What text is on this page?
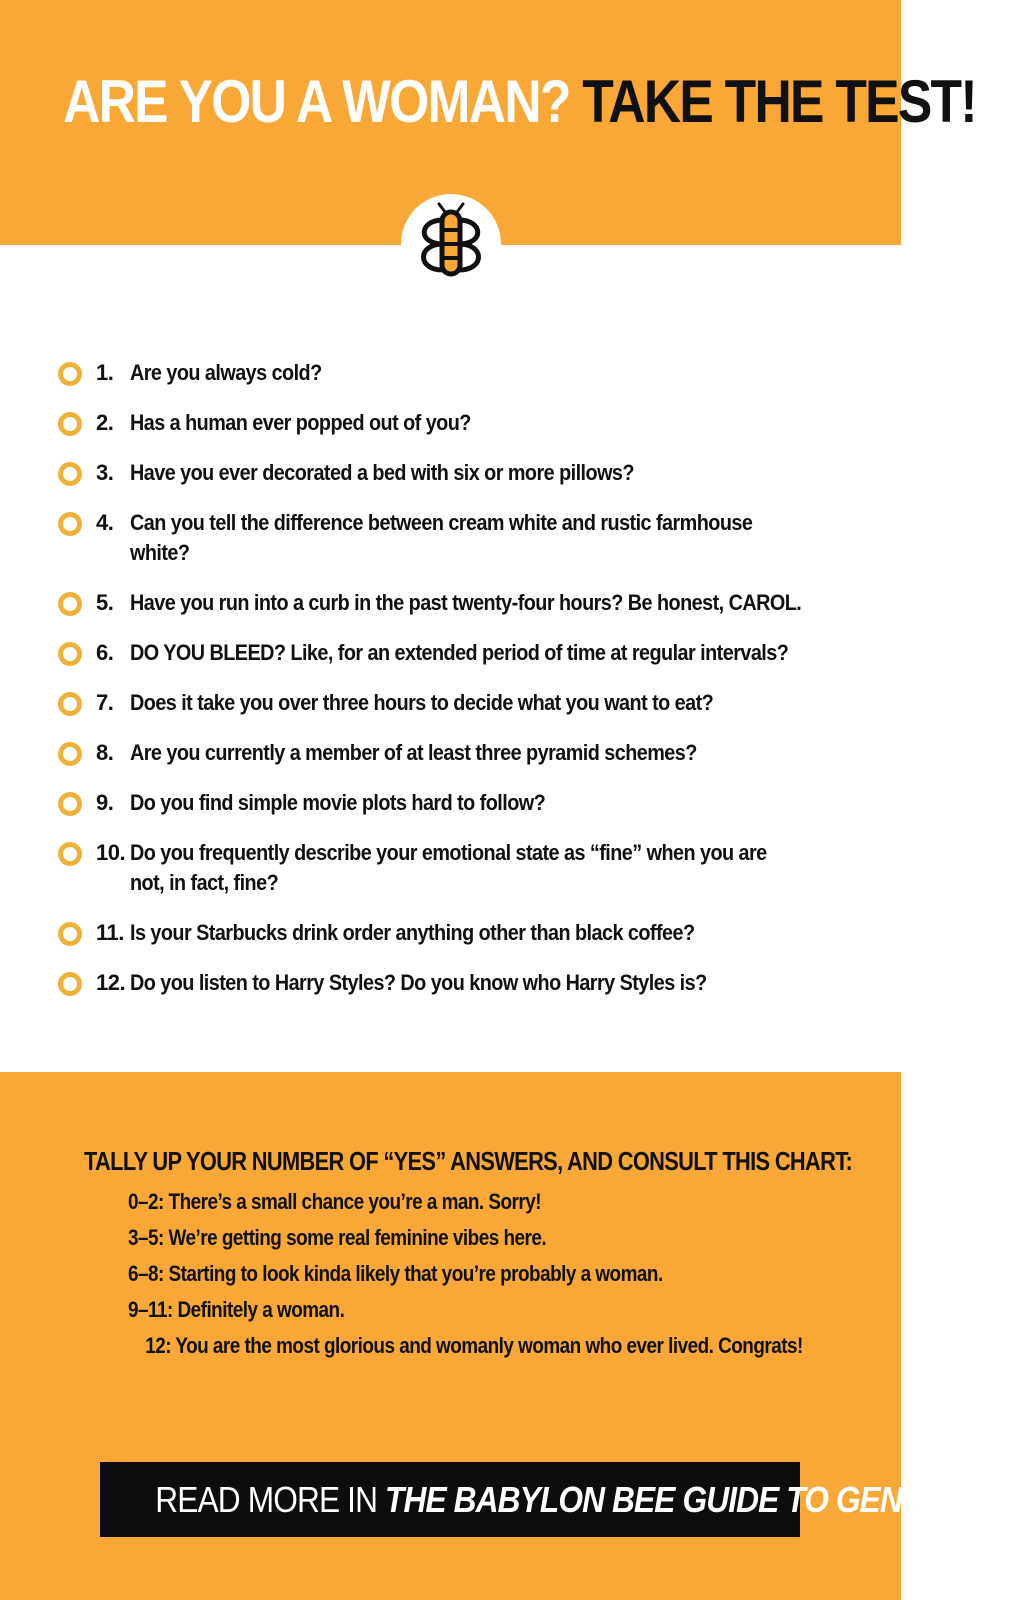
ARE YOU A WOMAN? TAKE THE TEST!
1. Are you always cold?
2. Has a human ever popped out of you?
3. Have you ever decorated a bed with six or more pillows?
4. Can you tell the difference between cream white and rustic farmhouse white?
5. Have you run into a curb in the past twenty-four hours? Be honest, CAROL.
6. DO YOU BLEED? Like, for an extended period of time at regular intervals?
7. Does it take you over three hours to decide what you want to eat?
8. Are you currently a member of at least three pyramid schemes?
9. Do you find simple movie plots hard to follow?
10. Do you frequently describe your emotional state as “fine” when you are not, in fact, fine?
11. Is your Starbucks drink order anything other than black coffee?
12. Do you listen to Harry Styles? Do you know who Harry Styles is?
TALLY UP YOUR NUMBER OF “YES” ANSWERS, AND CONSULT THIS CHART:
0–2: There’s a small chance you’re a man. Sorry!
3–5: We’re getting some real feminine vibes here.
6–8: Starting to look kinda likely that you’re probably a woman.
9–11: Definitely a woman.
12: You are the most glorious and womanly woman who ever lived. Congrats!
READ MORE IN THE BABYLON BEE GUIDE TO GENDER
